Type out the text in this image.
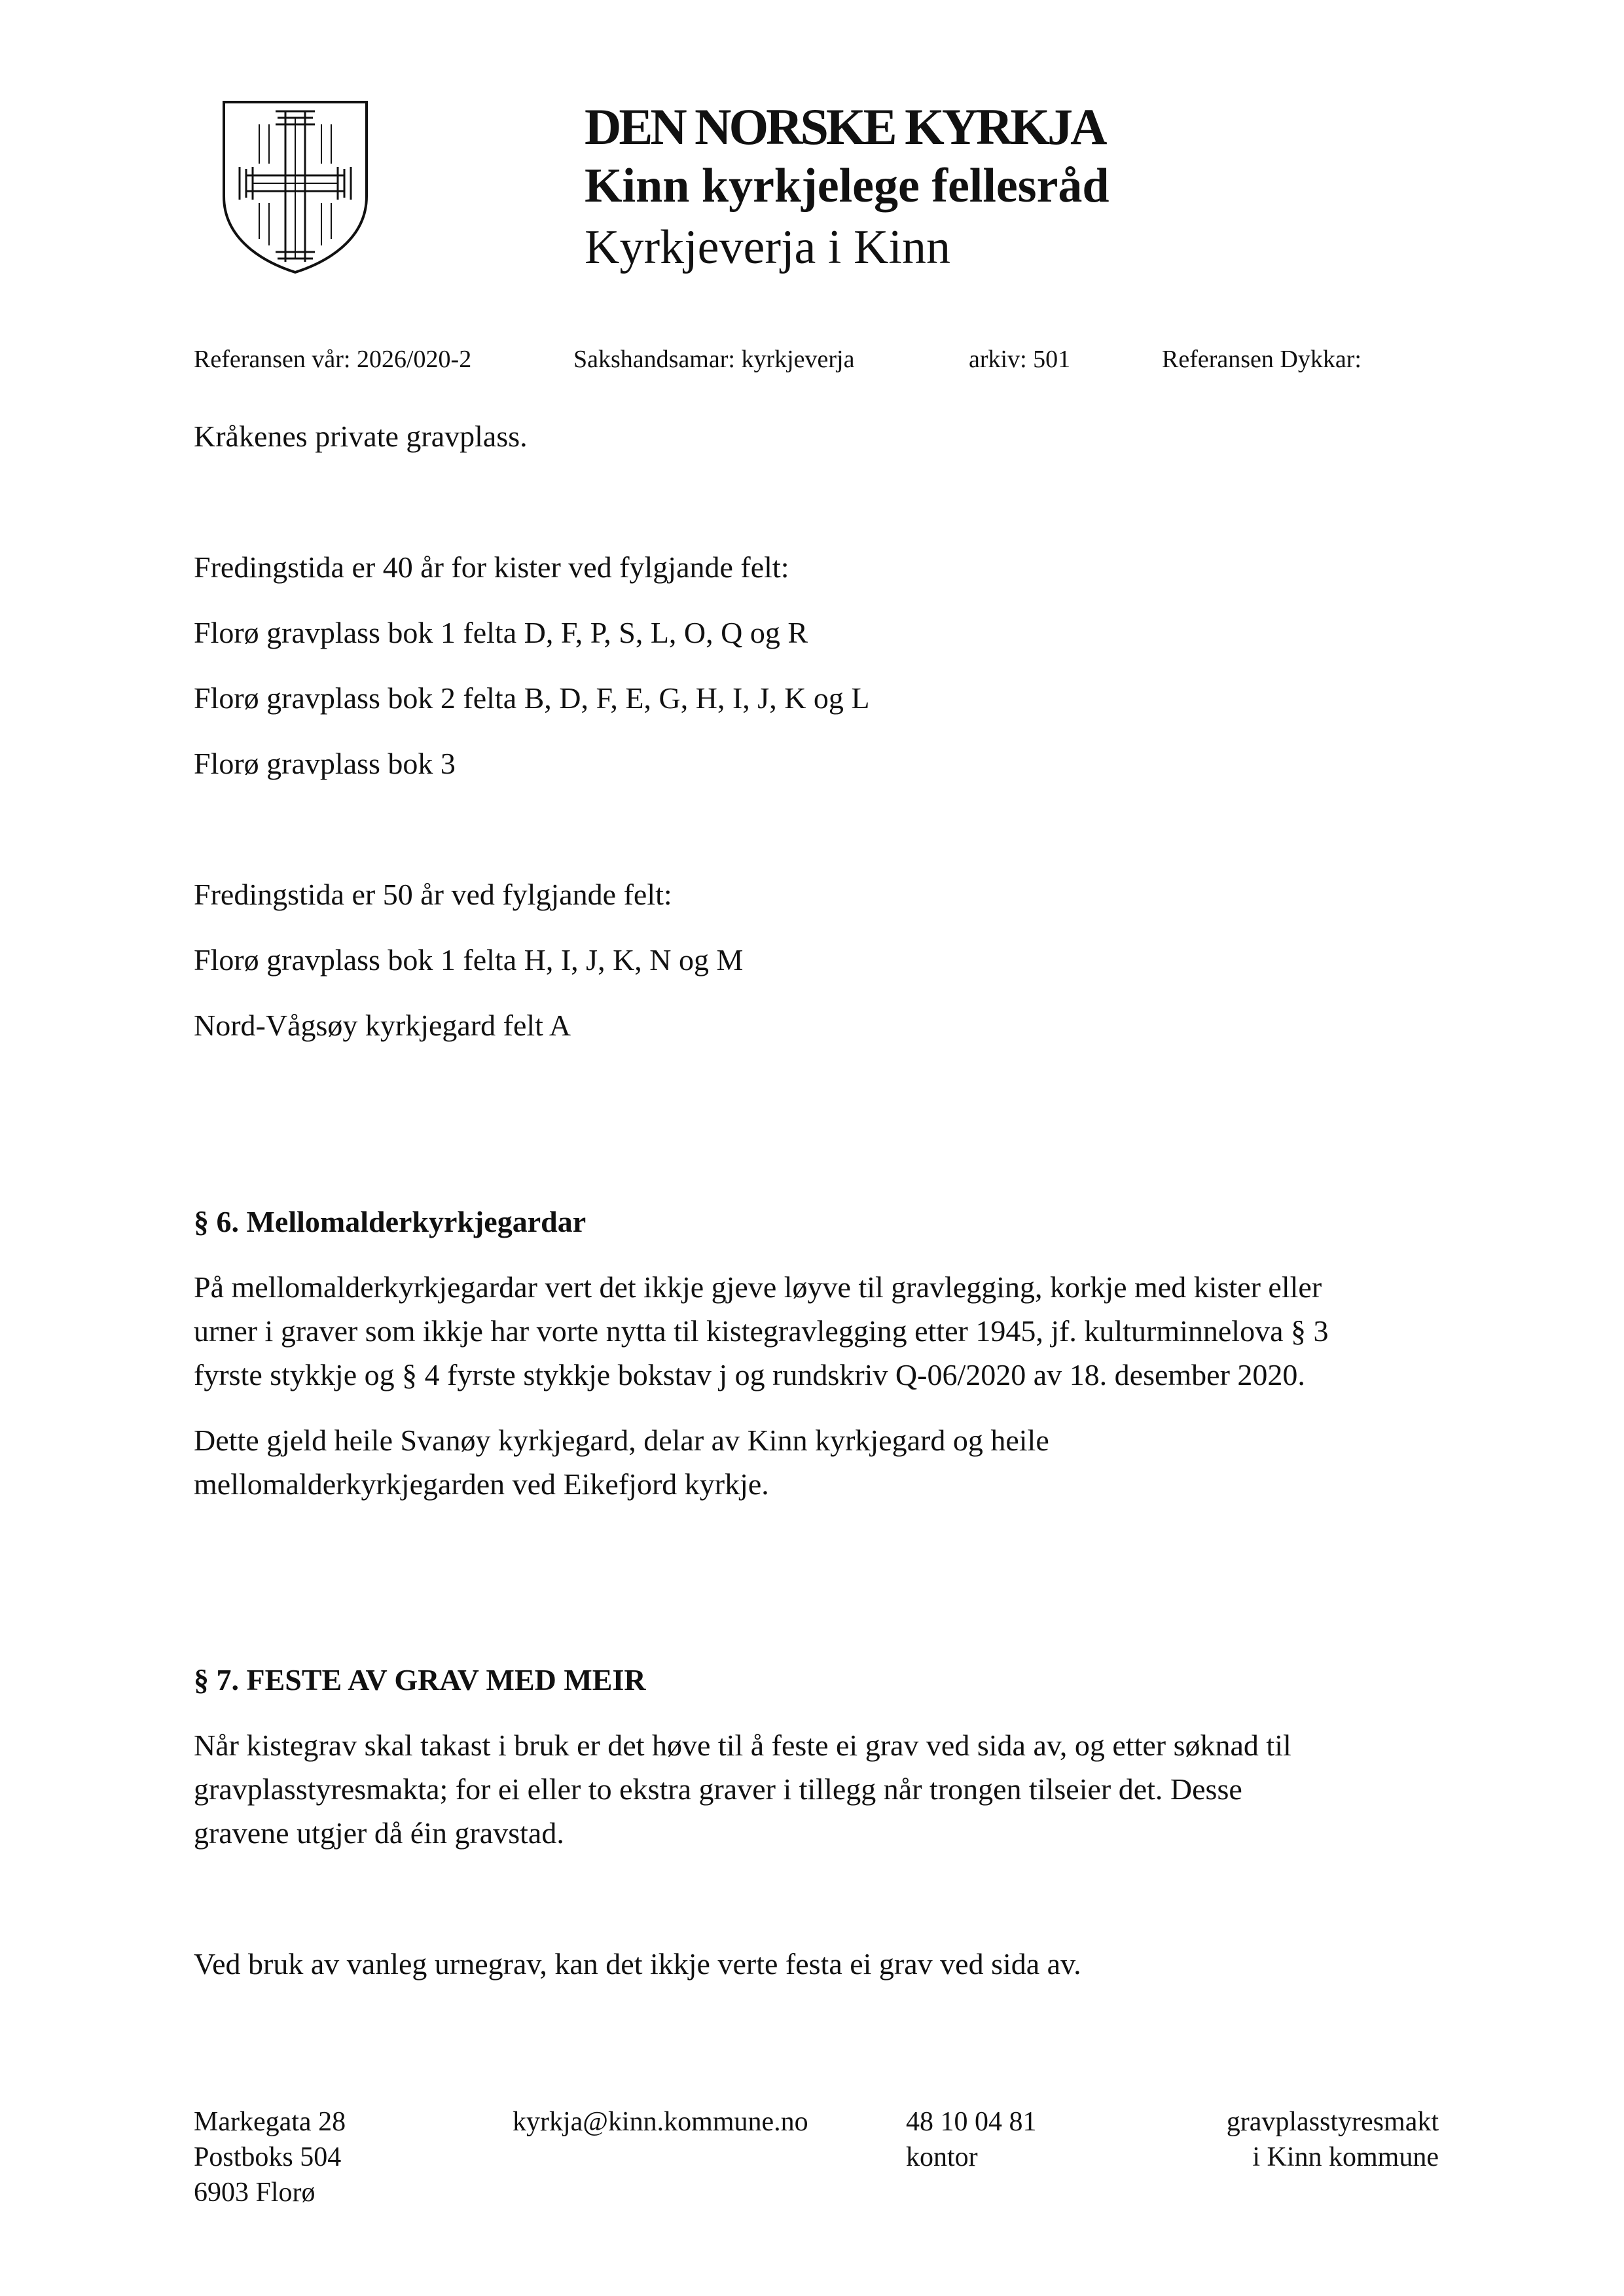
DEN NORSKE KYRKJA
Kinn kyrkjelege fellesråd
Kyrkjeverja i Kinn
Referansen vår: 2026/020-2	Sakshandsamar: kyrkjeverja	arkiv: 501	Referansen Dykkar:
Kråkenes private gravplass.
Fredingstida er 40 år for kister ved fylgjande felt:
Florø gravplass bok 1 felta D, F, P, S, L, O, Q og R
Florø gravplass bok 2 felta B, D, F, E, G, H, I, J, K og L
Florø gravplass bok 3
Fredingstida er 50 år ved fylgjande felt:
Florø gravplass bok 1 felta H, I, J, K, N og M
Nord-Vågsøy kyrkjegard felt A
§ 6. Mellomalderkyrkjegardar
På mellomalderkyrkjegardar vert det ikkje gjeve løyve til gravlegging, korkje med kister eller
urner i graver som ikkje har vorte nytta til kistegravlegging etter 1945, jf. kulturminnelova § 3
fyrste stykkje og § 4 fyrste stykkje bokstav j og rundskriv Q-06/2020 av 18. desember 2020.
Dette gjeld heile Svanøy kyrkjegard, delar av Kinn kyrkjegard og heile
mellomalderkyrkjegarden ved Eikefjord kyrkje.
§ 7. FESTE AV GRAV MED MEIR
Når kistegrav skal takast i bruk er det høve til å feste ei grav ved sida av, og etter søknad til
gravplasstyresmakta; for ei eller to ekstra graver i tillegg når trongen tilseier det. Desse
gravene utgjer då éin gravstad.
Ved bruk av vanleg urnegrav, kan det ikkje verte festa ei grav ved sida av.
Markegata 28
Postboks 504
6903 Florø
kyrkja@kinn.kommune.no	48 10 04 81
kontor
gravplasstyresmakt
i Kinn kommune
